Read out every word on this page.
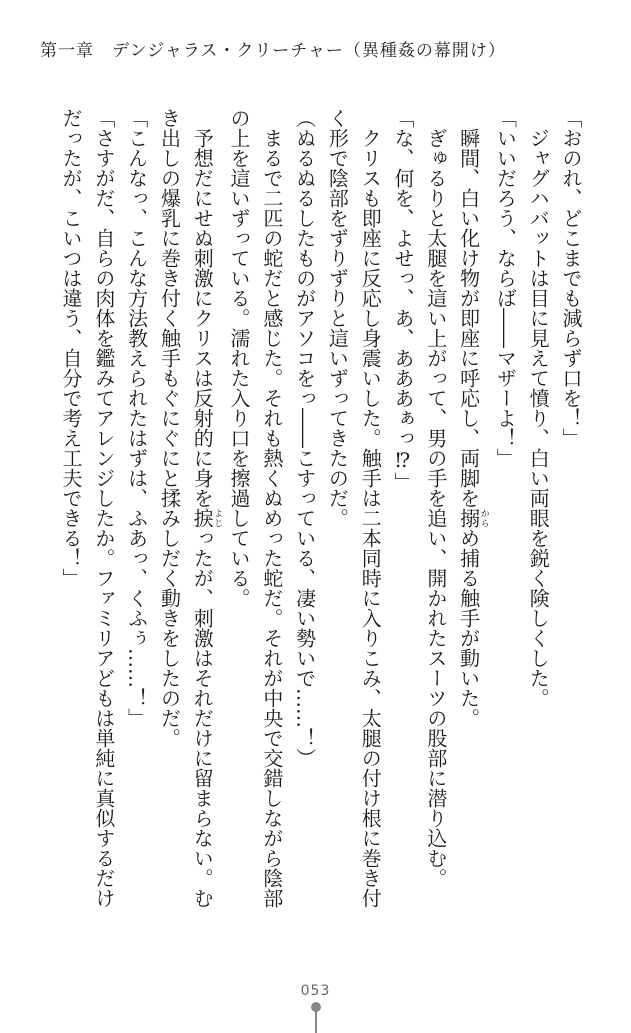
第一章　デンジャラス・クリーチャー（異種姦の幕開け）
「おのれ、どこまでも減らず口を！」
ジャグハバットは目に見えて憤り、白い両眼を鋭く険しくした。
「いいだろう、ならば――マザーよ！」
瞬間、白い化け物が即座に呼応し、両脚を搦からめ捕る触手が動いた。
ぎゅるりと太腿を這い上がって、男の手を追い、開かれたスーツの股部に潜り込む。
「な、何を、よせっ、あ、あああぁっ⁉」
クリスも即座に反応し身震いした。触手は二本同時に入りこみ、太腿の付け根に巻き付
く形で陰部をずりずりと這いずってきたのだ。
（ぬるぬるしたものがアソコをっ――こすっている、凄い勢いで……！）
まるで二匹の蛇だと感じた。それも熱くぬめった蛇だ。それが中央で交錯しながら陰部
の上を這いずっている。濡れた入り口を擦過している。
予想だにせぬ刺激にクリスは反射的に身を捩よじったが、刺激はそれだけに留まらない。む
き出しの爆乳に巻き付く触手もぐにぐにと揉みしだく動きをしたのだ。
「こんなっ、こんな方法教えられたはずは、ふあっ、くふぅ……！」
「さすがだ、自らの肉体を鑑みてアレンジしたか。ファミリアどもは単純に真似するだけ
だったが、こいつは違う、自分で考え工夫できる！」
053
